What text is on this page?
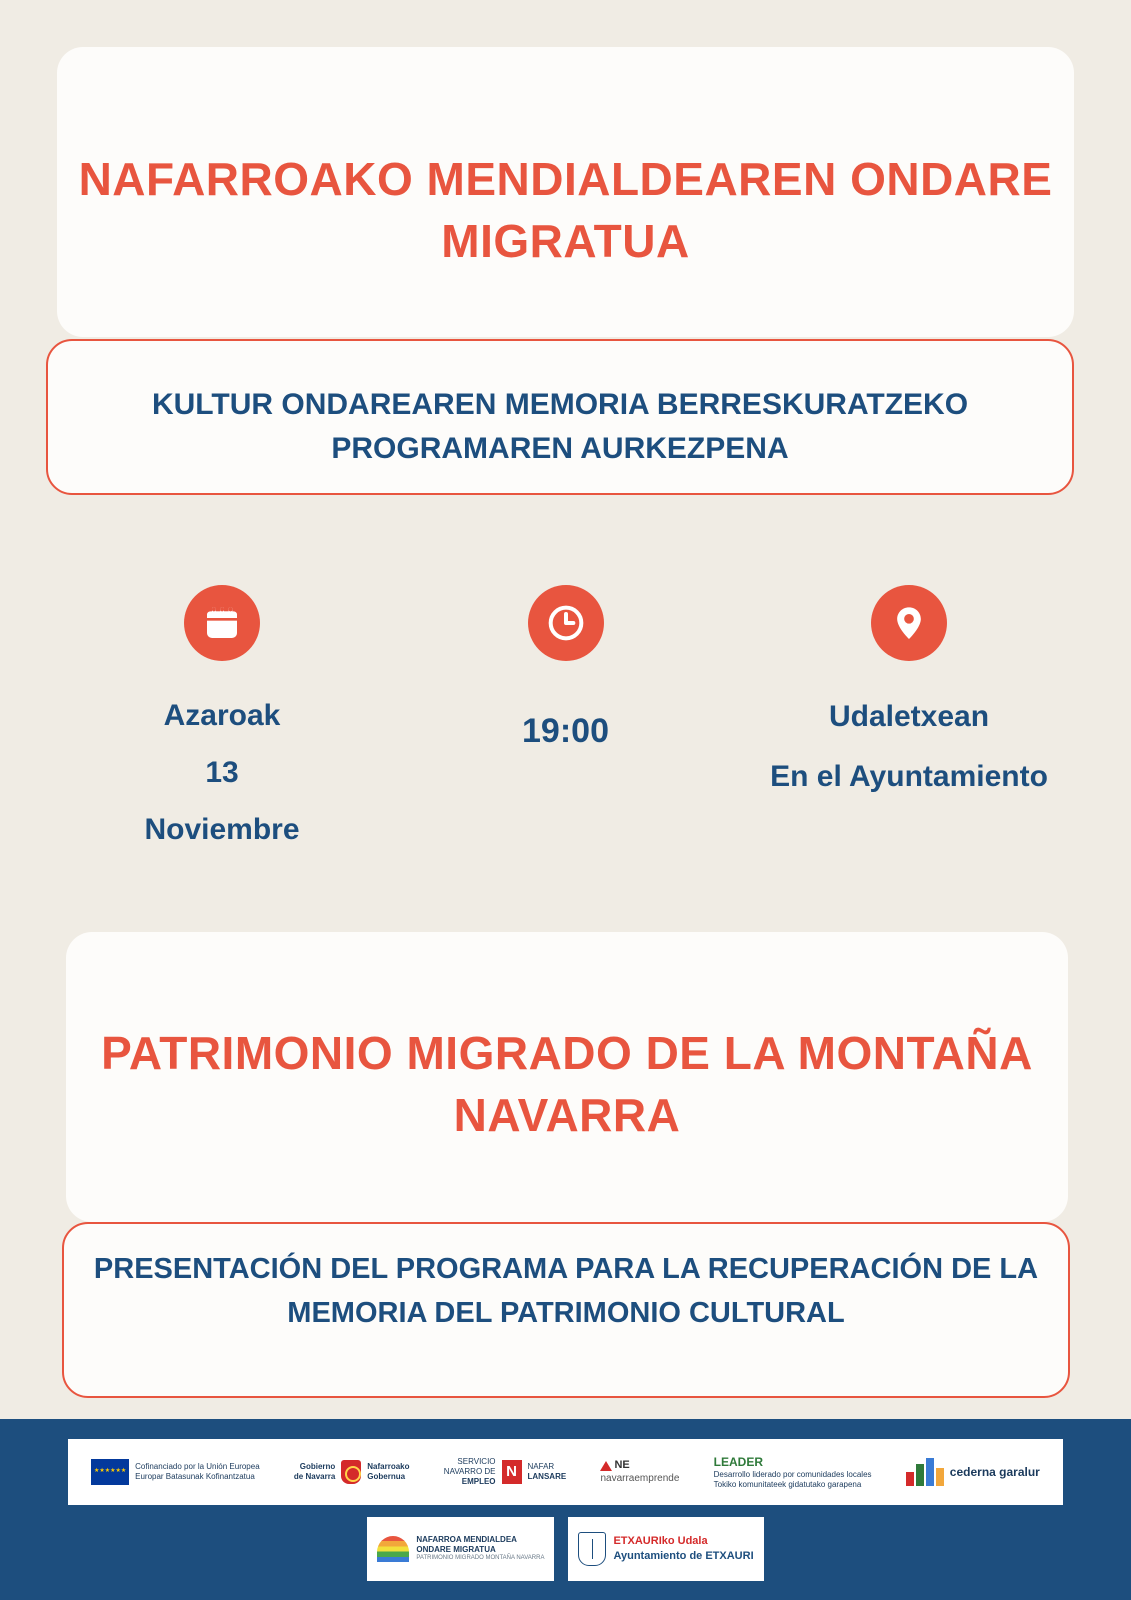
NAFARROAKO MENDIALDEAREN ONDARE MIGRATUA
KULTUR ONDAREAREN MEMORIA BERRESKURATZEKO PROGRAMAREN AURKEZPENA
Azaroak
13
Noviembre
19:00	Udaletxean
En el Ayuntamiento
PATRIMONIO MIGRADO DE LA MONTAÑA NAVARRA
PRESENTACIÓN DEL PROGRAMA PARA LA RECUPERACIÓN DE LA MEMORIA DEL PATRIMONIO CULTURAL
★★★★★★
Cofinanciado por la Unión Europea
Europar Batasunak Kofinantzatua
Gobierno
de Navarra
Nafarroako
Gobernua
SERVICIO
NAVARRO DE
EMPLEO
N	NAFAR
LANSARE
NE
navarraemprende
LEADER
Desarrollo liderado por comunidades locales
Tokiko komunitateek gidatutako garapena
cederna garalur
NAFARROA MENDIALDEA
ONDARE MIGRATUA
PATRIMONIO MIGRADO MONTAÑA NAVARRA
ETXAURIko Udala
Ayuntamiento de ETXAURI
